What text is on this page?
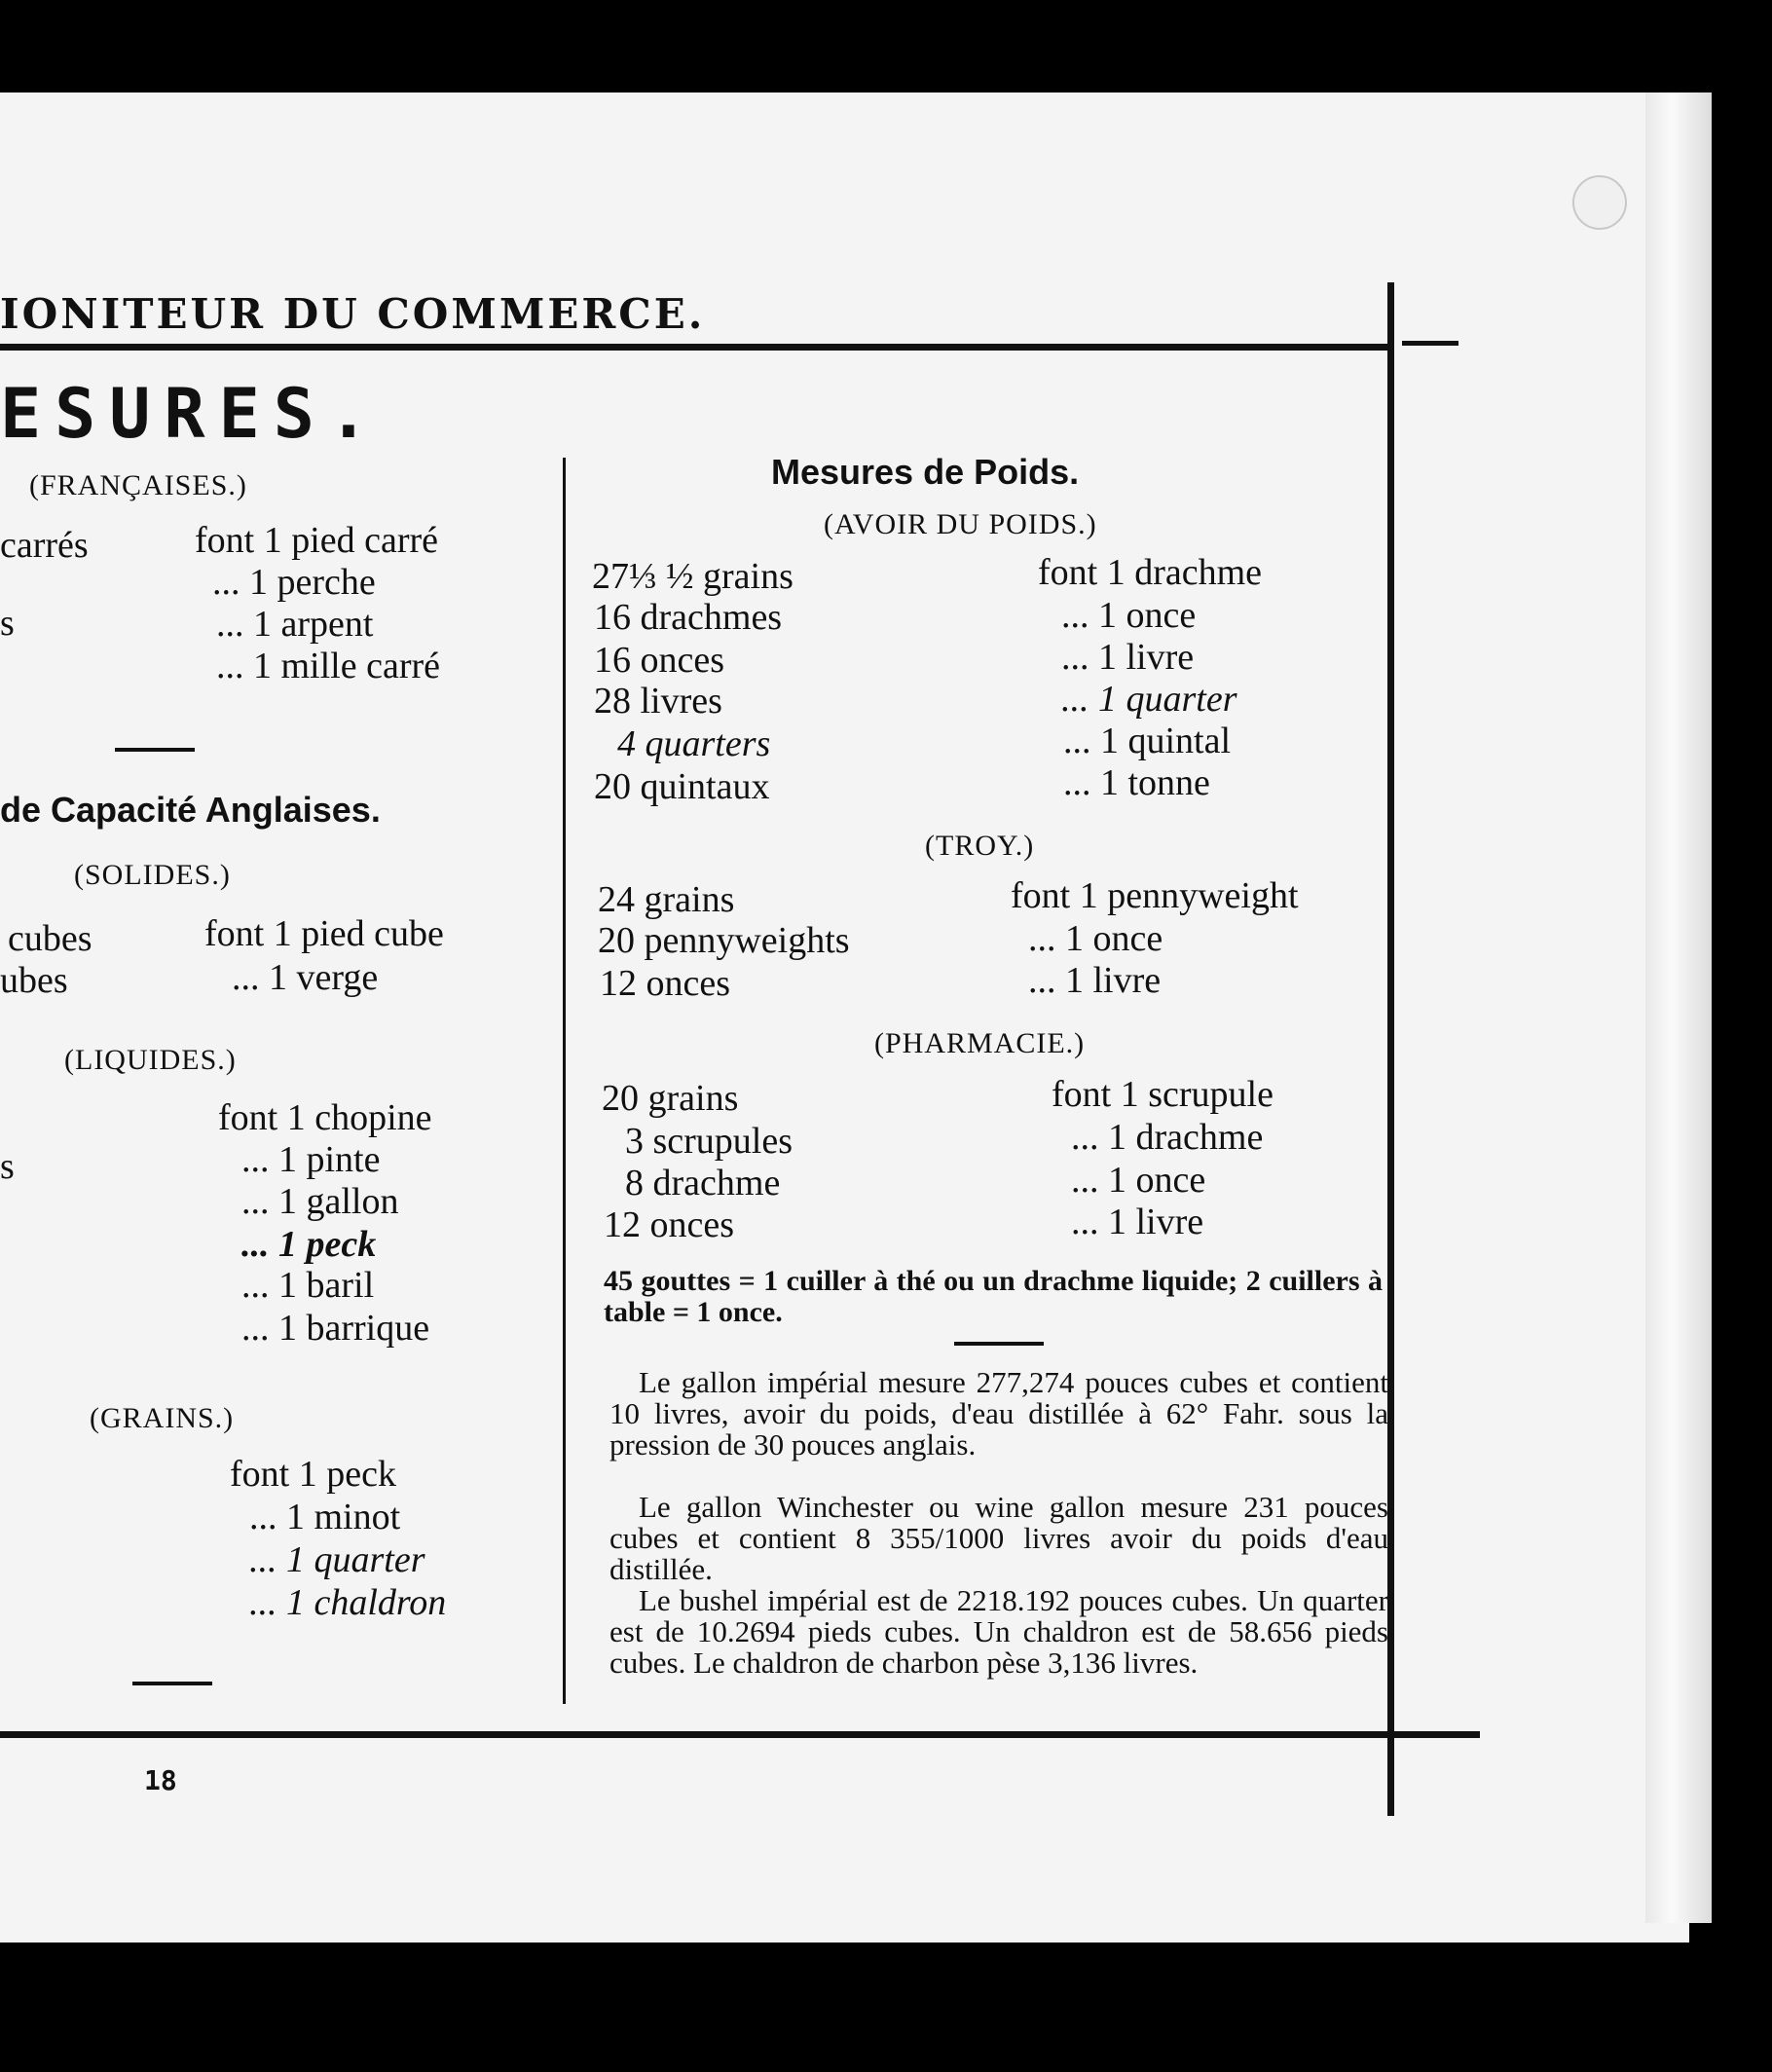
IONITEUR DU COMMERCE.
ESURES.
(FRANÇAISES.)
carrés	font 1 pied carré
... 1 perche
s	... 1 arpent
... 1 mille carré
de Capacité Anglaises.
(SOLIDES.)
cubes	font 1 pied cube
ubes	... 1 verge
(LIQUIDES.)
font 1 chopine
s	... 1 pinte
... 1 gallon
... 1 peck
... 1 baril
... 1 barrique
(GRAINS.)
font 1 peck
... 1 minot
... 1 quarter
... 1 chaldron
Mesures de Poids.
(AVOIR DU POIDS.)
27⅓ ½ grains	font 1 drachme
16 drachmes	... 1 once
16 onces	... 1 livre
28 livres	... 1 quarter
4 quarters	... 1 quintal
20 quintaux	... 1 tonne
(TROY.)
24 grains	font 1 pennyweight
20 pennyweights	... 1 once
12 onces	... 1 livre
(PHARMACIE.)
20 grains	font 1 scrupule
3 scrupules	... 1 drachme
8 drachme	... 1 once
12 onces	... 1 livre
45 gouttes = 1 cuiller à thé ou un drachme liquide; 2 cuillers à table = 1 once.
Le gallon impérial mesure 277,274 pouces cubes et contient 10 livres, avoir du poids, d'eau distillée à 62° Fahr. sous la pression de 30 pouces anglais.
Le gallon Winchester ou wine gallon mesure 231 pouces cubes et contient 8 355/1000 livres avoir du poids d'eau distillée.
Le bushel impérial est de 2218.192 pouces cubes. Un quarter est de 10.2694 pieds cubes. Un chaldron est de 58.656 pieds cubes. Le chaldron de charbon pèse 3,136 livres.
18
